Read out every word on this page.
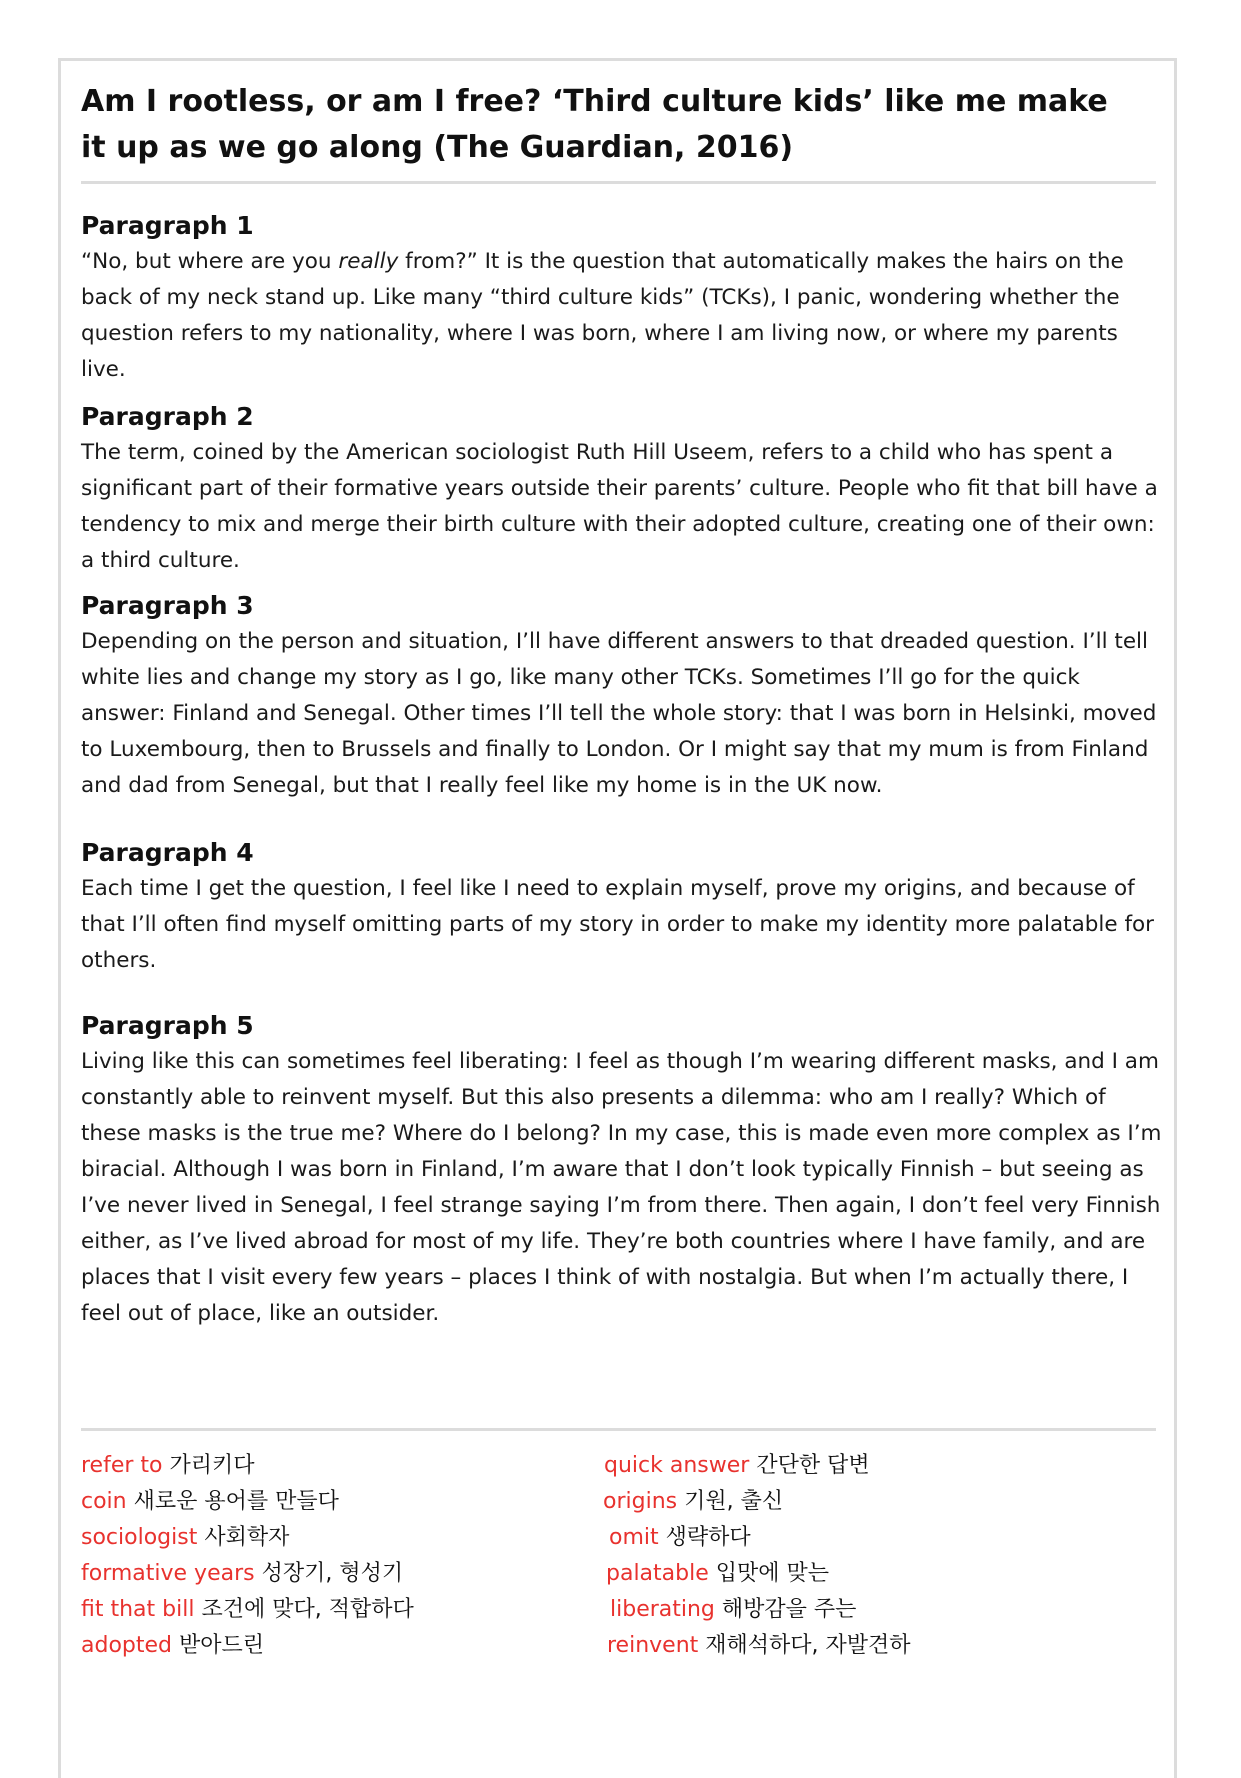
Am I rootless, or am I free? ‘Third culture kids’ like me make it up as we go along (The Guardian, 2016)
Paragraph 1

“No, but where are you really from?” It is the question that automatically makes the hairs on the back of my neck stand up. Like many “third culture kids” (TCKs), I panic, wondering whether the question refers to my nationality, where I was born, where I am living now, or where my parents live.

Paragraph 2

The term, coined by the American sociologist Ruth Hill Useem, refers to a child who has spent a significant part of their formative years outside their parents’ culture. People who fit that bill have a tendency to mix and merge their birth culture with their adopted culture, creating one of their own: a third culture.

Paragraph 3

Depending on the person and situation, I’ll have different answers to that dreaded question. I’ll tell white lies and change my story as I go, like many other TCKs. Sometimes I’ll go for the quick answer: Finland and Senegal. Other times I’ll tell the whole story: that I was born in Helsinki, moved to Luxembourg, then to Brussels and finally to London. Or I might say that my mum is from Finland and dad from Senegal, but that I really feel like my home is in the UK now.

Paragraph 4

Each time I get the question, I feel like I need to explain myself, prove my origins, and because of that I’ll often find myself omitting parts of my story in order to make my identity more palatable for others.

Paragraph 5

Living like this can sometimes feel liberating: I feel as though I’m wearing different masks, and I am constantly able to reinvent myself. But this also presents a dilemma: who am I really? Which of these masks is the true me? Where do I belong? In my case, this is made even more complex as I’m biracial. Although I was born in Finland, I’m aware that I don’t look typically Finnish – but seeing as I’ve never lived in Senegal, I feel strange saying I’m from there. Then again, I don’t feel very Finnish either, as I’ve lived abroad for most of my life. They’re both countries where I have family, and are places that I visit every few years – places I think of with nostalgia. But when I’m actually there, I feel out of place, like an outsider.

refer to 가리키다
coin 새로운 용어를 만들다
sociologist 사회학자
formative years 성장기, 형성기
fit that bill 조건에 맞다, 적합하다
adopted 받아드린
quick answer 간단한 답변
origins 기원, 출신
omit 생략하다
palatable 입맛에 맞는
liberating 해방감을 주는
reinvent 재해석하다, 자발견하
